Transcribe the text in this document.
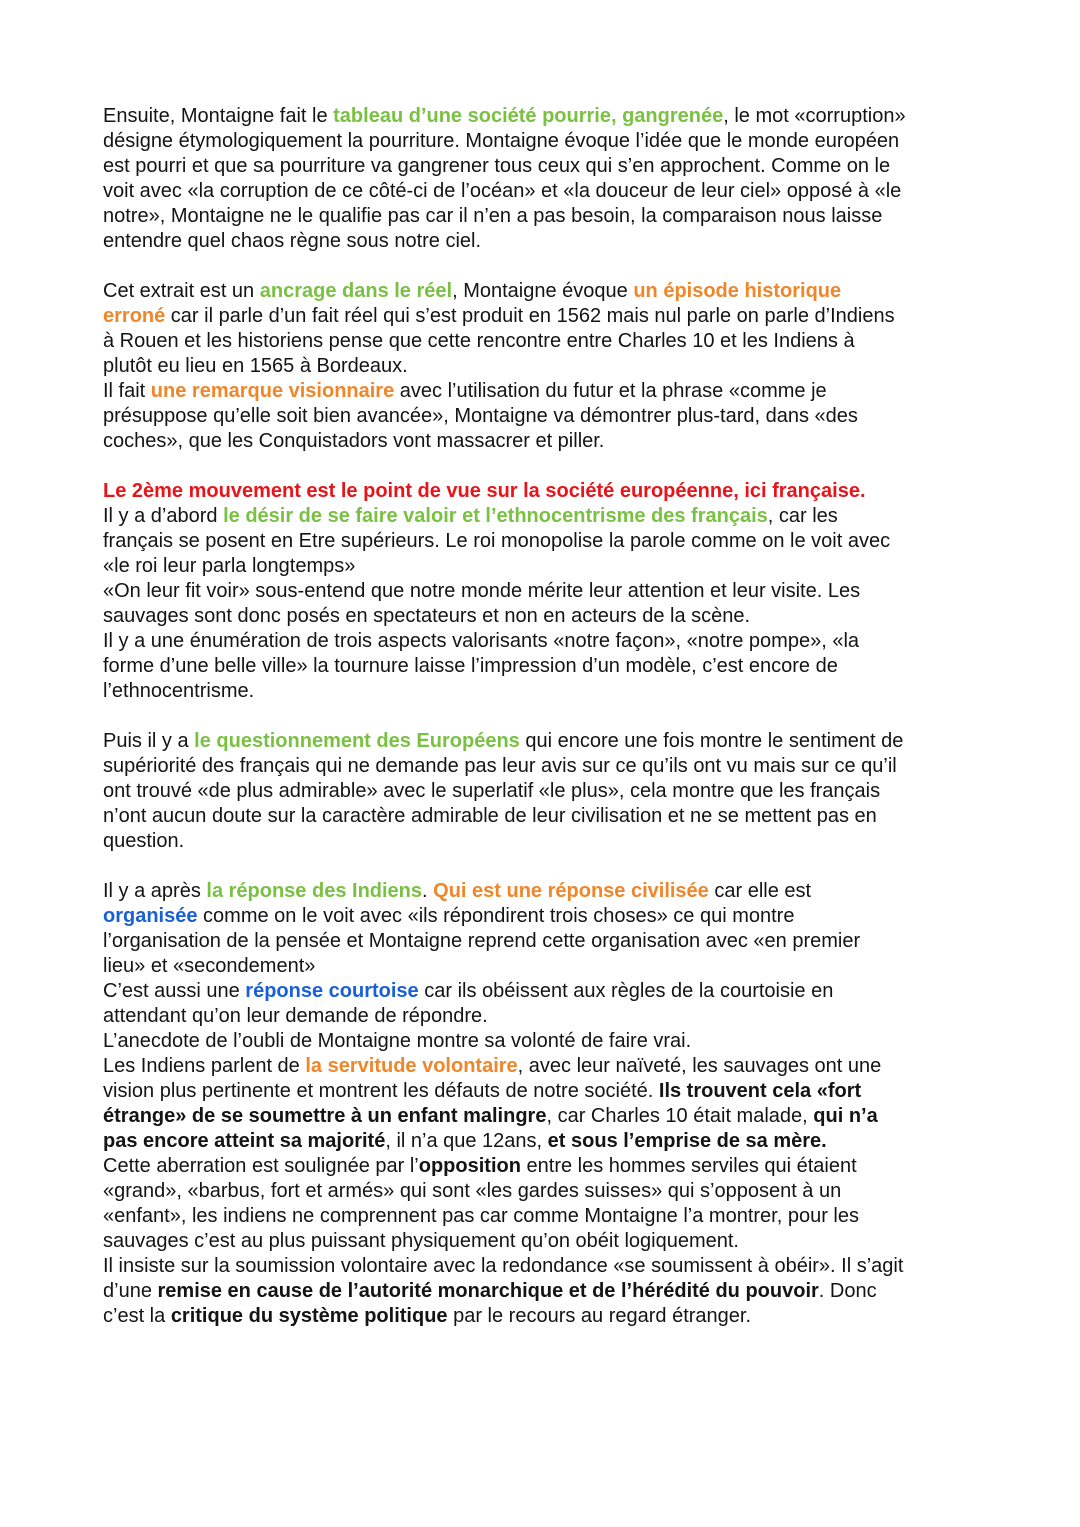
Ensuite, Montaigne fait le tableau d’une société pourrie, gangrenée, le mot «corruption»
désigne étymologiquement la pourriture. Montaigne évoque l’idée que le monde européen
est pourri et que sa pourriture va gangrener tous ceux qui s’en approchent. Comme on le
voit avec «la corruption de ce côté-ci de l’océan» et «la douceur de leur ciel» opposé à «le
notre», Montaigne ne le qualifie pas car il n’en a pas besoin, la comparaison nous laisse
entendre quel chaos règne sous notre ciel.
Cet extrait est un ancrage dans le réel, Montaigne évoque un épisode historique
erroné car il parle d’un fait réel qui s’est produit en 1562 mais nul parle on parle d’Indiens
à Rouen et les historiens pense que cette rencontre entre Charles 10 et les Indiens à
plutôt eu lieu en 1565 à Bordeaux.
Il fait une remarque visionnaire avec l’utilisation du futur et la phrase «comme je
présuppose qu’elle soit bien avancée», Montaigne va démontrer plus-tard, dans «des
coches», que les Conquistadors vont massacrer et piller.
Le 2ème mouvement est le point de vue sur la société européenne, ici française.
Il y a d’abord le désir de se faire valoir et l’ethnocentrisme des français, car les
français se posent en Etre supérieurs. Le roi monopolise la parole comme on le voit avec
«le roi leur parla longtemps»
«On leur fit voir» sous-entend que notre monde mérite leur attention et leur visite. Les
sauvages sont donc posés en spectateurs et non en acteurs de la scène.
Il y a une énumération de trois aspects valorisants «notre façon», «notre pompe», «la
forme d’une belle ville» la tournure laisse l’impression d’un modèle, c’est encore de
l’ethnocentrisme.
Puis il y a le questionnement des Européens qui encore une fois montre le sentiment de
supériorité des français qui ne demande pas leur avis sur ce qu’ils ont vu mais sur ce qu’il
ont trouvé «de plus admirable» avec le superlatif «le plus», cela montre que les français
n’ont aucun doute sur la caractère admirable de leur civilisation et ne se mettent pas en
question.
Il y a après la réponse des Indiens. Qui est une réponse civilisée car elle est
organisée comme on le voit avec «ils répondirent trois choses» ce qui montre
l’organisation de la pensée et Montaigne reprend cette organisation avec «en premier
lieu» et «secondement»
C’est aussi une réponse courtoise car ils obéissent aux règles de la courtoisie en
attendant qu’on leur demande de répondre.
L’anecdote de l’oubli de Montaigne montre sa volonté de faire vrai.
Les Indiens parlent de la servitude volontaire, avec leur naïveté, les sauvages ont une
vision plus pertinente et montrent les défauts de notre société. Ils trouvent cela «fort
étrange» de se soumettre à un enfant malingre, car Charles 10 était malade, qui n’a
pas encore atteint sa majorité, il n’a que 12ans, et sous l’emprise de sa mère.
Cette aberration est soulignée par l’opposition entre les hommes serviles qui étaient
«grand», «barbus, fort et armés» qui sont «les gardes suisses» qui s’opposent à un
«enfant», les indiens ne comprennent pas car comme Montaigne l’a montrer, pour les
sauvages c’est au plus puissant physiquement qu’on obéit logiquement.
Il insiste sur la soumission volontaire avec la redondance «se soumissent à obéir». Il s’agit
d’une remise en cause de l’autorité monarchique et de l’hérédité du pouvoir. Donc
c’est la critique du système politique par le recours au regard étranger.
